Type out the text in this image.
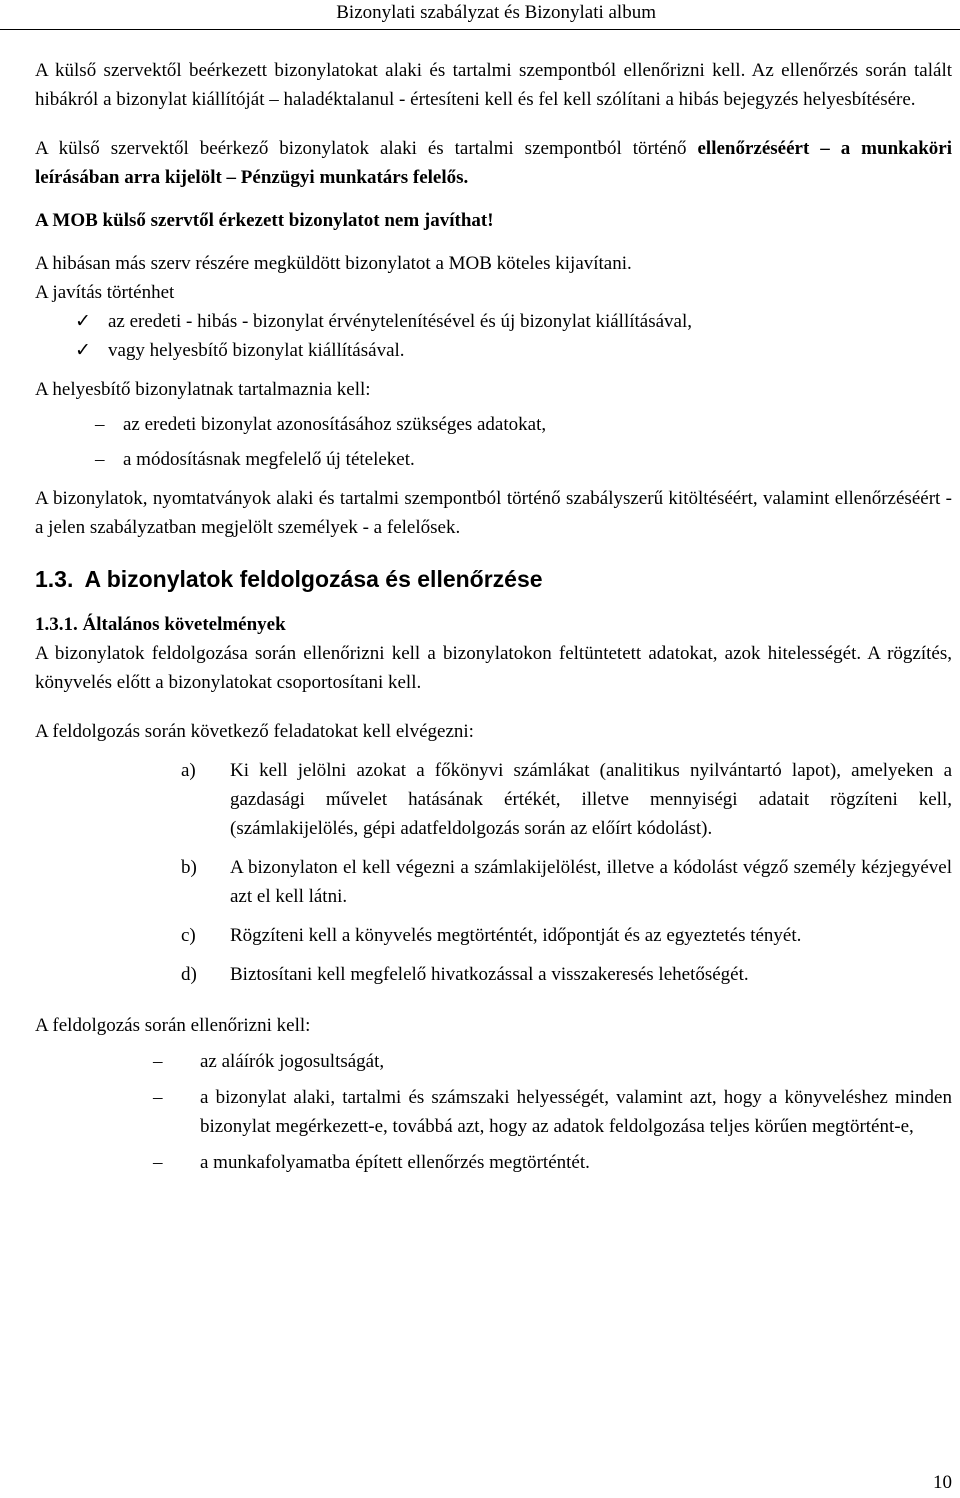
Bizonylati szabályzat és Bizonylati album

A külső szervektől beérkezett bizonylatokat alaki és tartalmi szempontból ellenőrizni kell. Az ellenőrzés során talált hibákról a bizonylat kiállítóját – haladéktalanul - értesíteni kell és fel kell szólítani a hibás bejegyzés helyesbítésére.

A külső szervektől beérkező bizonylatok alaki és tartalmi szempontból történő ellenőrzéséért – a munkaköri leírásában arra kijelölt – Pénzügyi munkatárs felelős.

A MOB külső szervtől érkezett bizonylatot nem javíthat!

A hibásan más szerv részére megküldött bizonylatot a MOB köteles kijavítani.

A javítás történhet

✓ az eredeti - hibás - bizonylat érvénytelenítésével és új bizonylat kiállításával,
✓ vagy helyesbítő bizonylat kiállításával.

A helyesbítő bizonylatnak tartalmaznia kell:

– az eredeti bizonylat azonosításához szükséges adatokat,
– a módosításnak megfelelő új tételeket.

A bizonylatok, nyomtatványok alaki és tartalmi szempontból történő szabályszerű kitöltéséért, valamint ellenőrzéséért - a jelen szabályzatban megjelölt személyek - a felelősek.

1.3. A bizonylatok feldolgozása és ellenőrzése
1.3.1. Általános követelmények

A bizonylatok feldolgozása során ellenőrizni kell a bizonylatokon feltüntetett adatokat, azok hitelességét. A rögzítés, könyvelés előtt a bizonylatokat csoportosítani kell.

A feldolgozás során következő feladatokat kell elvégezni:

a) Ki kell jelölni azokat a főkönyvi számlákat (analitikus nyilvántartó lapot), amelyeken a gazdasági művelet hatásának értékét, illetve mennyiségi adatait rögzíteni kell, (számlakijelölés, gépi adatfeldolgozás során az előírt kódolást).
b) A bizonylaton el kell végezni a számlakijelölést, illetve a kódolást végző személy kézjegyével azt el kell látni.
c) Rögzíteni kell a könyvelés megtörténtét, időpontját és az egyeztetés tényét.
d) Biztosítani kell megfelelő hivatkozással a visszakeresés lehetőségét.

A feldolgozás során ellenőrizni kell:

– az aláírók jogosultságát,
– a bizonylat alaki, tartalmi és számszaki helyességét, valamint azt, hogy a könyveléshez minden bizonylat megérkezett-e, továbbá azt, hogy az adatok feldolgozása teljes körűen megtörtént-e,
– a munkafolyamatba épített ellenőrzés megtörténtét.
10
